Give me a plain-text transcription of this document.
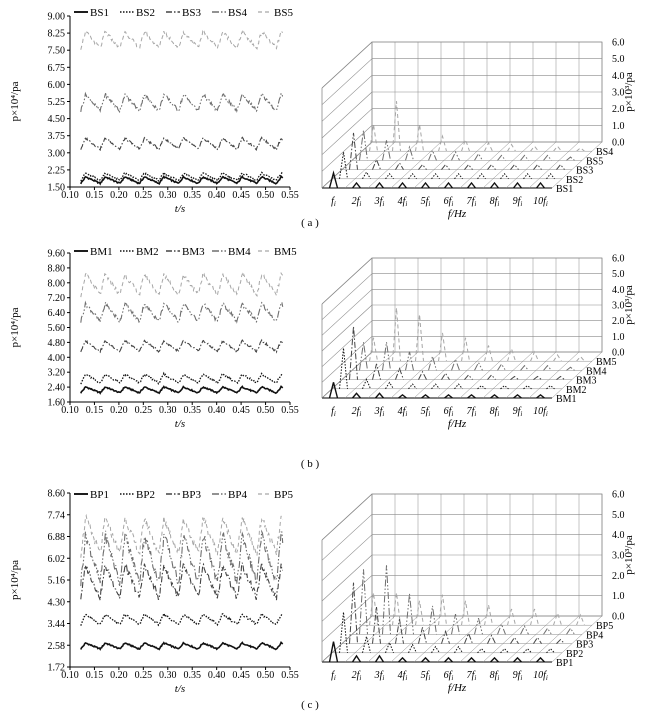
9.00
8.25
7.50
6.75
6.00
5.25
4.50
3.75
3.00
2.25
1.50
0.10 0.15 0.20 0.25 0.30 0.35 0.40 0.45 0.50 0.55
t/s
p×10⁴/pa
BS1 BS2 BS3 BS4 BS5
6.0
5.0
4.0
3.0
2.0
1.0
0.0
p×10³/pa
BS4
BS5
BS3
BS2
BS1
$f_i$ $2f_i$ $3f_i$ $4f_i$ $5f_i$ $6f_i$ $7f_i$ $8f_i$ $9f_i$ $10f_i$
f/Hz
( a )
9.60
8.80
8.00
7.20
6.40
5.60
4.80
4.00
3.20
2.40
1.60
0.10 0.15 0.20 0.25 0.30 0.35 0.40 0.45 0.50 0.55
t/s
p×10⁴/pa
BM1 BM2 BM3 BM4 BM5
6.0
5.0
4.0
3.0
2.0
1.0
0.0
p×10³/pa
BM5
BM4
BM3
BM2
BM1
$f_i$ $2f_i$ $3f_i$ $4f_i$ $5f_i$ $6f_i$ $7f_i$ $8f_i$ $9f_i$ $10f_i$
f/Hz
( b )
8.60
7.74
6.88
6.02
5.16
4.30
3.44
2.58
1.72
0.10 0.15 0.20 0.25 0.30 0.35 0.40 0.45 0.50 0.55
t/s
p×10⁴/pa
BP1 BP2 BP3 BP4 BP5	6.0
5.0
4.0
3.0
2.0
1.0
0.0
p×10³/pa
BP5
BP4
BP3
BP2
BP1
$f_i$ $2f_i$ $3f_i$ $4f_i$ $5f_i$ $6f_i$ $7f_i$ $8f_i$ $9f_i$ $10f_i$
f/Hz
( c )
